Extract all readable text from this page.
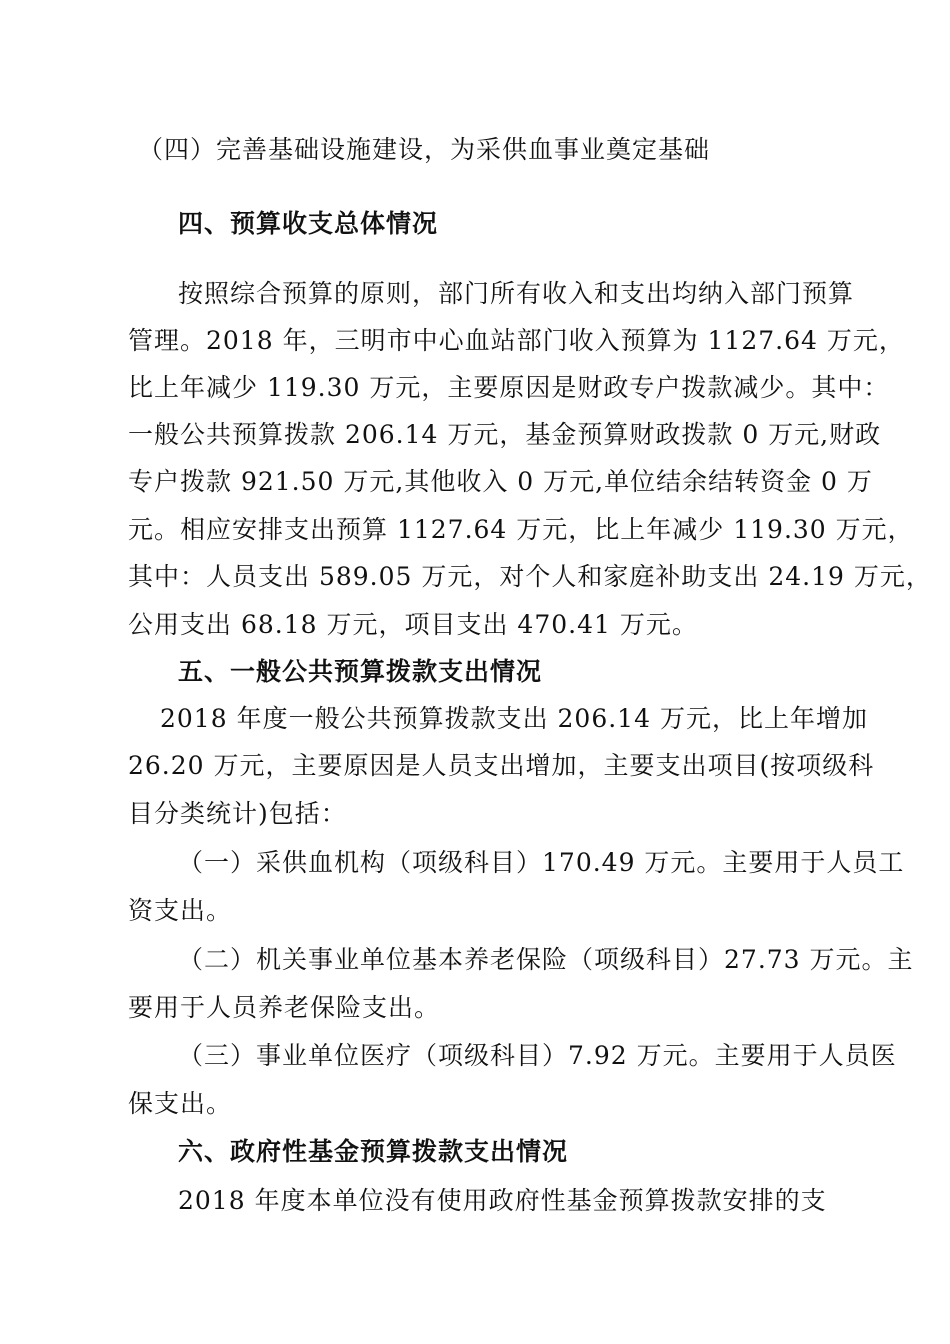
（四）完善基础设施建设，为采供血事业奠定基础
四、预算收支总体情况
按照综合预算的原则，部门所有收入和支出均纳入部门预算
管理。2018 年，三明市中心血站部门收入预算为 1127.64 万元，
比上年减少 119.30 万元，主要原因是财政专户拨款减少。其中：
一般公共预算拨款 206.14 万元，基金预算财政拨款 0 万元,财政
专户拨款 921.50 万元,其他收入 0 万元,单位结余结转资金 0 万
元。相应安排支出预算 1127.64 万元，比上年减少 119.30 万元，
其中：人员支出 589.05 万元，对个人和家庭补助支出 24.19 万元，
公用支出 68.18 万元，项目支出 470.41 万元。
五、一般公共预算拨款支出情况
2018 年度一般公共预算拨款支出 206.14 万元，比上年增加
26.20 万元，主要原因是人员支出增加，主要支出项目(按项级科
目分类统计)包括：
（一）采供血机构（项级科目）170.49 万元。主要用于人员工
资支出。
（二）机关事业单位基本养老保险（项级科目）27.73 万元。主
要用于人员养老保险支出。
（三）事业单位医疗（项级科目）7.92 万元。主要用于人员医
保支出。
六、政府性基金预算拨款支出情况
2018 年度本单位没有使用政府性基金预算拨款安排的支
